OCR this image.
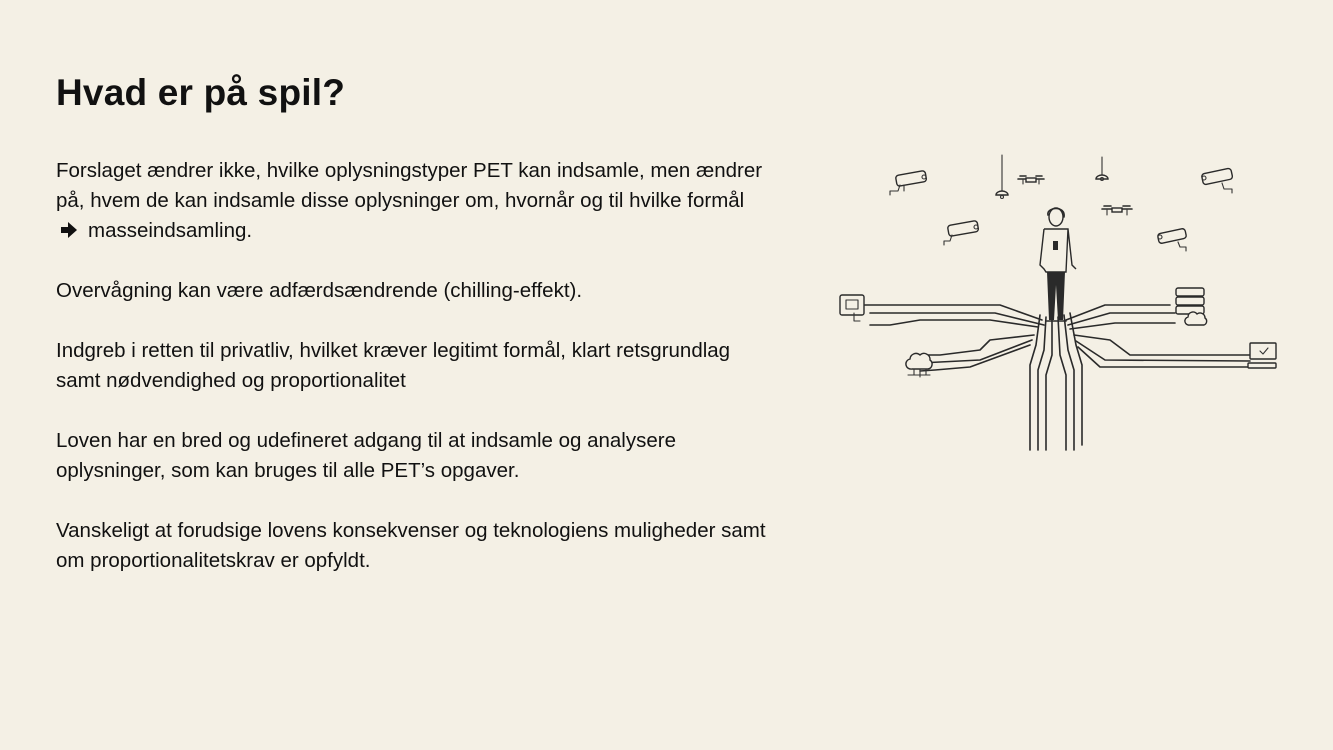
Hvad er på spil?

Forslaget ændrer ikke, hvilke oplysningstyper PET kan indsamle, men ændrer på, hvem de kan indsamle disse oplysninger om, hvornår og til hvilke formålmasseindsamling.

Overvågning kan være adfærdsændrende (chilling-effekt).

Indgreb i retten til privatliv, hvilket kræver legitimt formål, klart retsgrundlag samt nødvendighed og proportionalitet

Loven har en bred og udefineret adgang til at indsamle og analysere oplysninger, som kan bruges til alle PET’s opgaver.

Vanskeligt at forudsige lovens konsekvenser og teknologiens muligheder samt om proportionalitetskrav er opfyldt.
